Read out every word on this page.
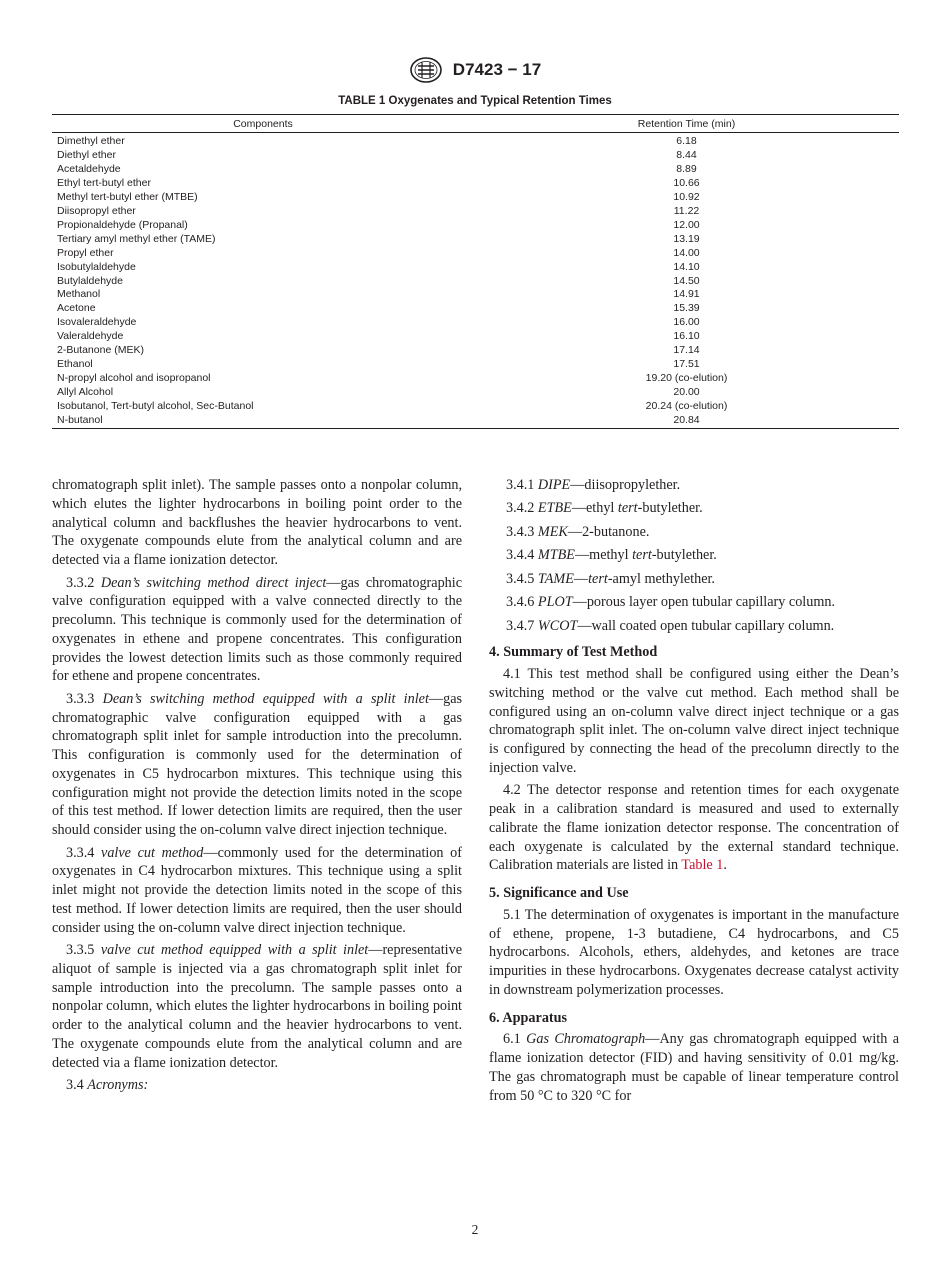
D7423 − 17
TABLE 1 Oxygenates and Typical Retention Times
Components	Retention Time (min)
Dimethyl ether	6.18
Diethyl ether	8.44
Acetaldehyde	8.89
Ethyl tert-butyl ether	10.66
Methyl tert-butyl ether (MTBE)	10.92
Diisopropyl ether	11.22
Propionaldehyde (Propanal)	12.00
Tertiary amyl methyl ether (TAME)	13.19
Propyl ether	14.00
Isobutylaldehyde	14.10
Butylaldehyde	14.50
Methanol	14.91
Acetone	15.39
Isovaleraldehyde	16.00
Valeraldehyde	16.10
2-Butanone (MEK)	17.14
Ethanol	17.51
N-propyl alcohol and isopropanol	19.20 (co-elution)
Allyl Alcohol	20.00
Isobutanol, Tert-butyl alcohol, Sec-Butanol	20.24 (co-elution)
N-butanol	20.84

chromatograph split inlet). The sample passes onto a nonpolar column, which elutes the lighter hydrocarbons in boiling point order to the analytical column and backflushes the heavier hydrocarbons to vent. The oxygenate compounds elute from the analytical column and are detected via a flame ionization detector.

3.3.2 Dean’s switching method direct inject—gas chromatographic valve configuration equipped with a valve connected directly to the precolumn. This technique is commonly used for the determination of oxygenates in ethene and propene concentrates. This configuration provides the lowest detection limits such as those commonly required for ethene and propene concentrates.

3.3.3 Dean’s switching method equipped with a split inlet—gas chromatographic valve configuration equipped with a gas chromatograph split inlet for sample introduction into the precolumn. This configuration is commonly used for the determination of oxygenates in C5 hydrocarbon mixtures. This technique using this configuration might not provide the detection limits noted in the scope of this test method. If lower detection limits are required, then the user should consider using the on-column valve direct injection technique.

3.3.4 valve cut method—commonly used for the determination of oxygenates in C4 hydrocarbon mixtures. This technique using a split inlet might not provide the detection limits noted in the scope of this test method. If lower detection limits are required, then the user should consider using the on-column valve direct injection technique.

3.3.5 valve cut method equipped with a split inlet—representative aliquot of sample is injected via a gas chromatograph split inlet for sample introduction into the precolumn. The sample passes onto a nonpolar column, which elutes the lighter hydrocarbons in boiling point order to the analytical column and the heavier hydrocarbons to vent. The oxygenate compounds elute from the analytical column and are detected via a flame ionization detector.

3.4 Acronyms:

3.4.1 DIPE—diisopropylether.

3.4.2 ETBE—ethyl tert-butylether.

3.4.3 MEK—2-butanone.

3.4.4 MTBE—methyl tert-butylether.

3.4.5 TAME—tert-amyl methylether.

3.4.6 PLOT—porous layer open tubular capillary column.

3.4.7 WCOT—wall coated open tubular capillary column.

4. Summary of Test Method

4.1 This test method shall be configured using either the Dean’s switching method or the valve cut method. Each method shall be configured using an on-column valve direct inject technique or a gas chromatograph split inlet. The on-column valve direct inject technique is configured by connecting the head of the precolumn directly to the injection valve.

4.2 The detector response and retention times for each oxygenate peak in a calibration standard is measured and used to externally calibrate the flame ionization detector response. The concentration of each oxygenate is calculated by the external standard technique. Calibration materials are listed in Table 1.

5. Significance and Use

5.1 The determination of oxygenates is important in the manufacture of ethene, propene, 1-3 butadiene, C4 hydrocarbons, and C5 hydrocarbons. Alcohols, ethers, aldehydes, and ketones are trace impurities in these hydrocarbons. Oxygenates decrease catalyst activity in downstream polymerization processes.

6. Apparatus

6.1 Gas Chromatograph—Any gas chromatograph equipped with a flame ionization detector (FID) and having sensitivity of 0.01 mg/kg. The gas chromatograph must be capable of linear temperature control from 50 °C to 320 °C for

2
